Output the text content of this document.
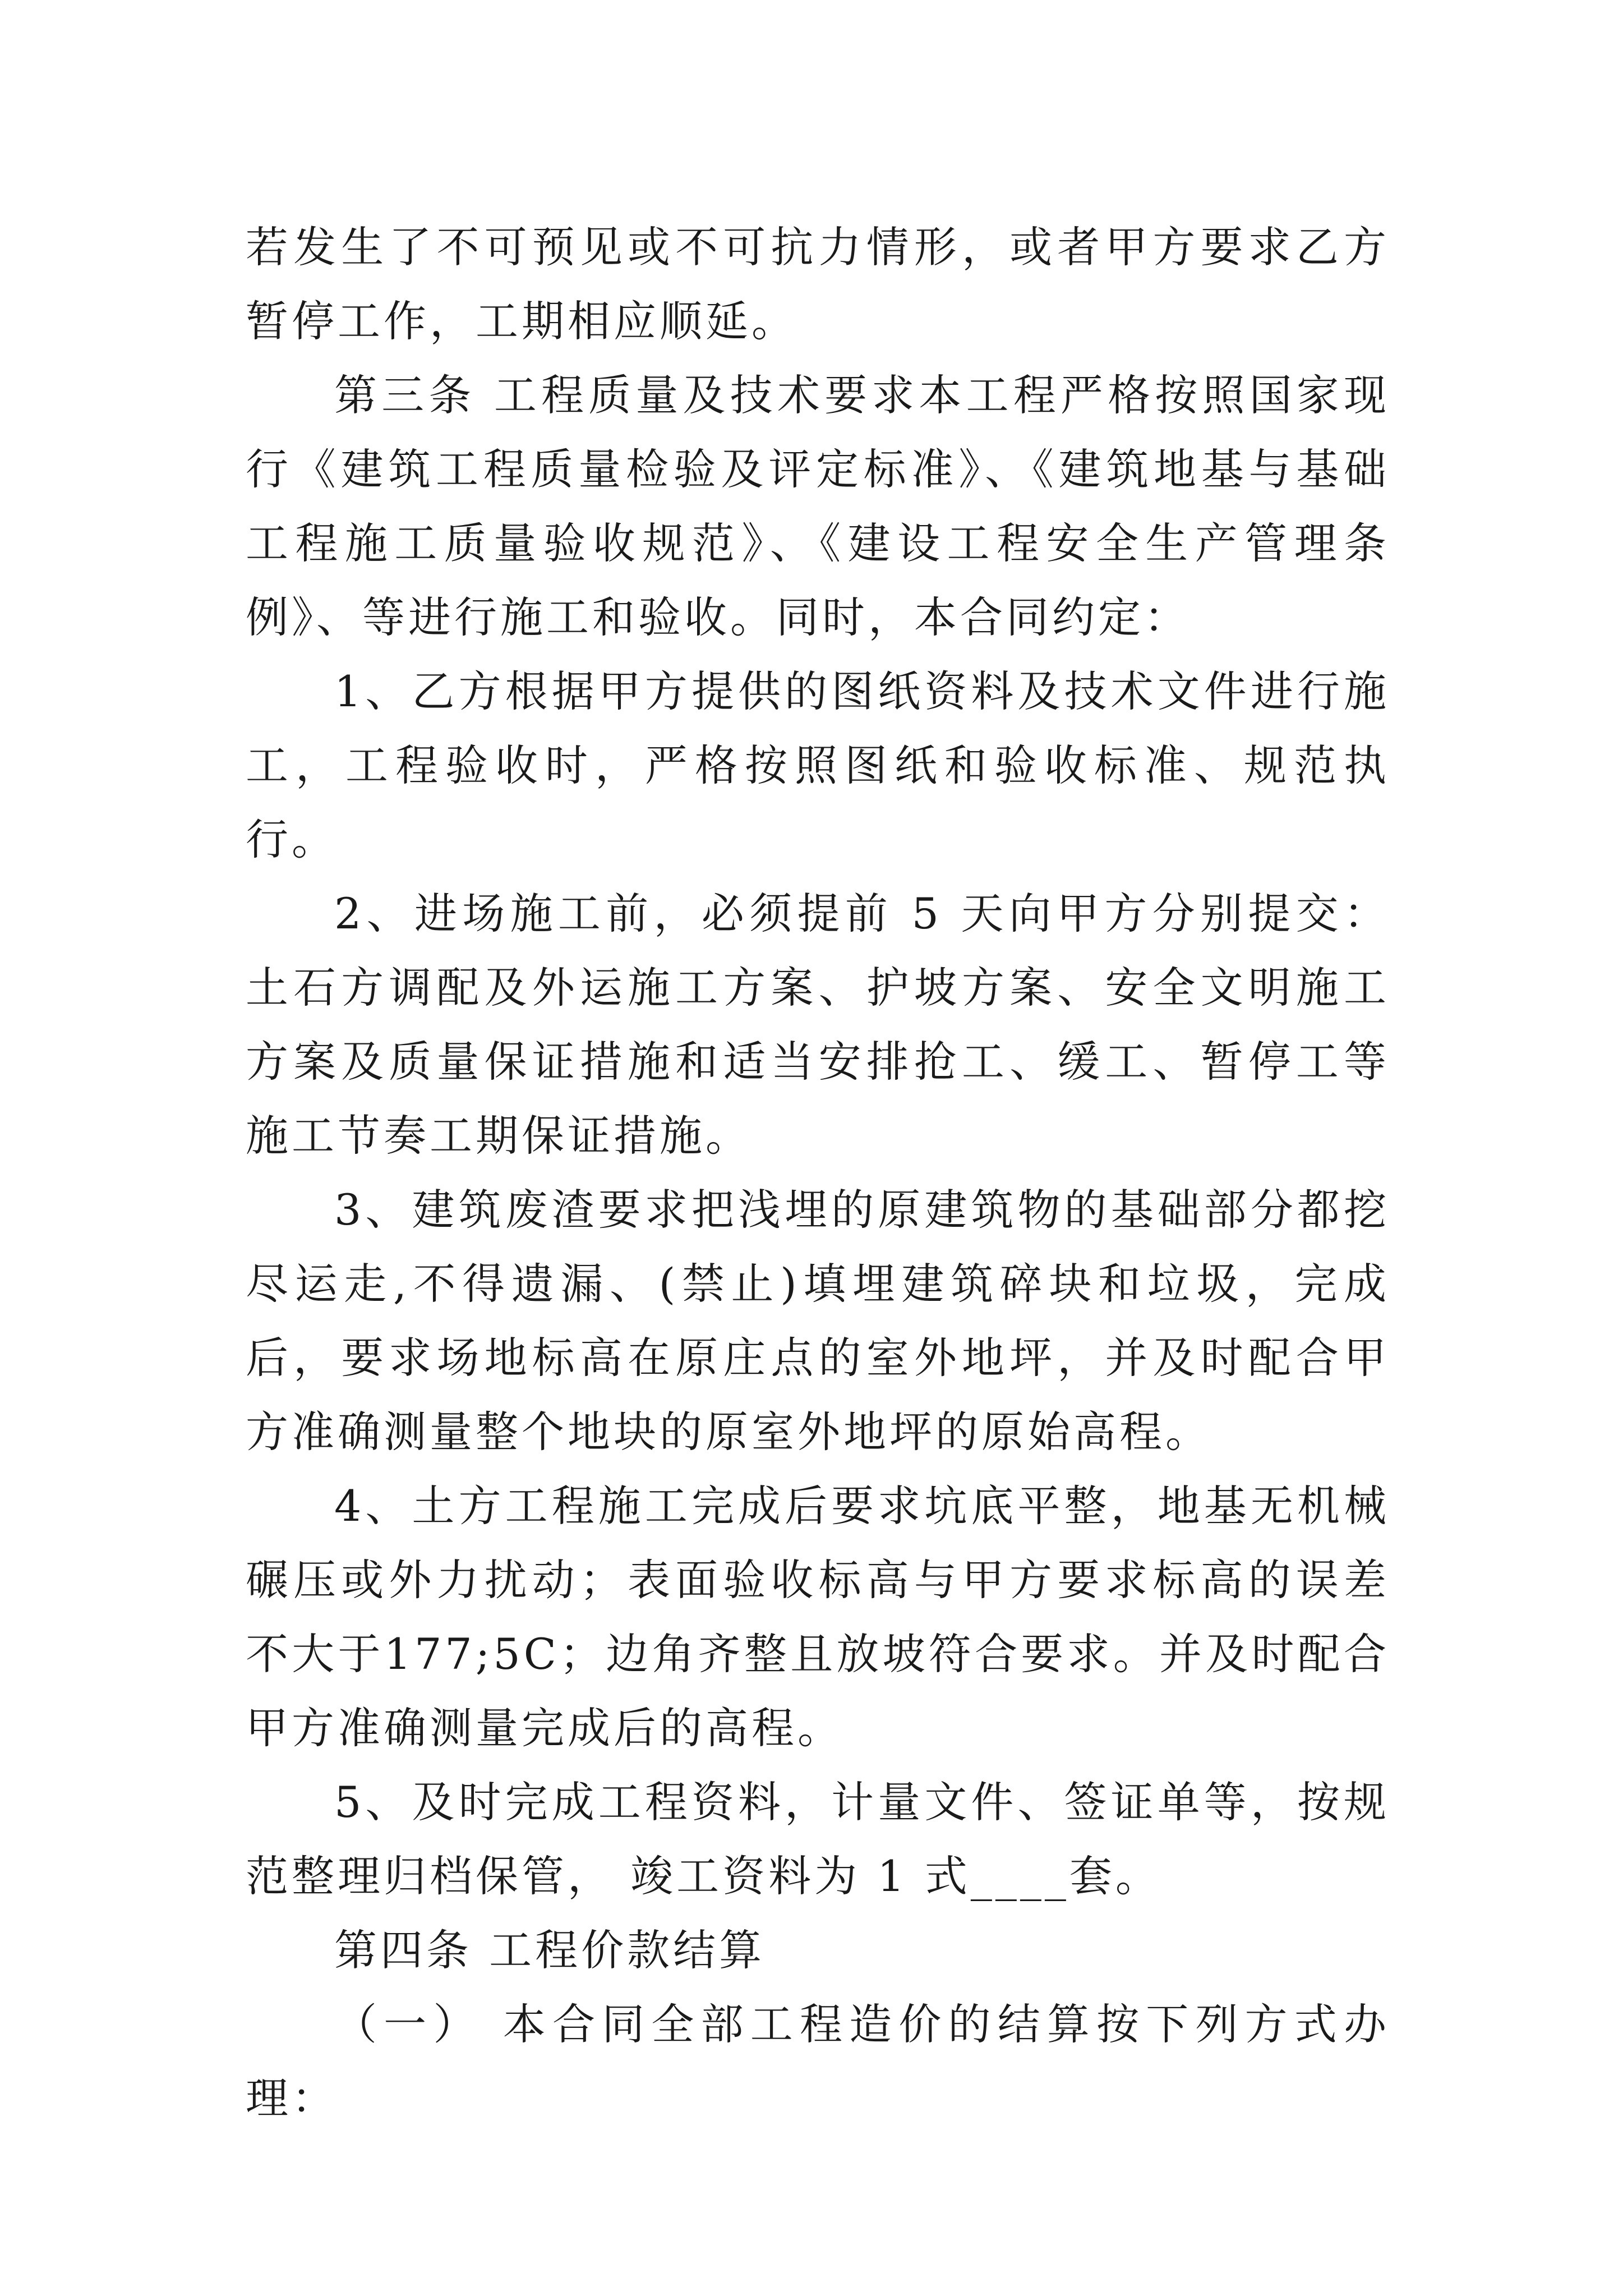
若发生了不可预见或不可抗力情形，或者甲方要求乙方暂停工作，工期相应顺延。

第三条 工程质量及技术要求本工程严格按照国家现行《建筑工程质量检验及评定标准》、《建筑地基与基础工程施工质量验收规范》、《建设工程安全生产管理条例》、等进行施工和验收。同时，本合同约定：

1、乙方根据甲方提供的图纸资料及技术文件进行施工，工程验收时，严格按照图纸和验收标准、规范执行。

2、进场施工前，必须提前 5 天向甲方分别提交：土石方调配及外运施工方案、护坡方案、安全文明施工方案及质量保证措施和适当安排抢工、缓工、暂停工等施工节奏工期保证措施。

3、建筑废渣要求把浅埋的原建筑物的基础部分都挖尽运走,不得遗漏、(禁止)填埋建筑碎块和垃圾，完成后，要求场地标高在原庄点的室外地坪，并及时配合甲方准确测量整个地块的原室外地坪的原始高程。

4、土方工程施工完成后要求坑底平整，地基无机械碾压或外力扰动；表面验收标高与甲方要求标高的误差不大于177;5C；边角齐整且放坡符合要求。并及时配合甲方准确测量完成后的高程。

5、及时完成工程资料，计量文件、签证单等，按规范整理归档保管， 竣工资料为 1 式____套。

第四条 工程价款结算

（一） 本合同全部工程造价的结算按下列方式办理：
